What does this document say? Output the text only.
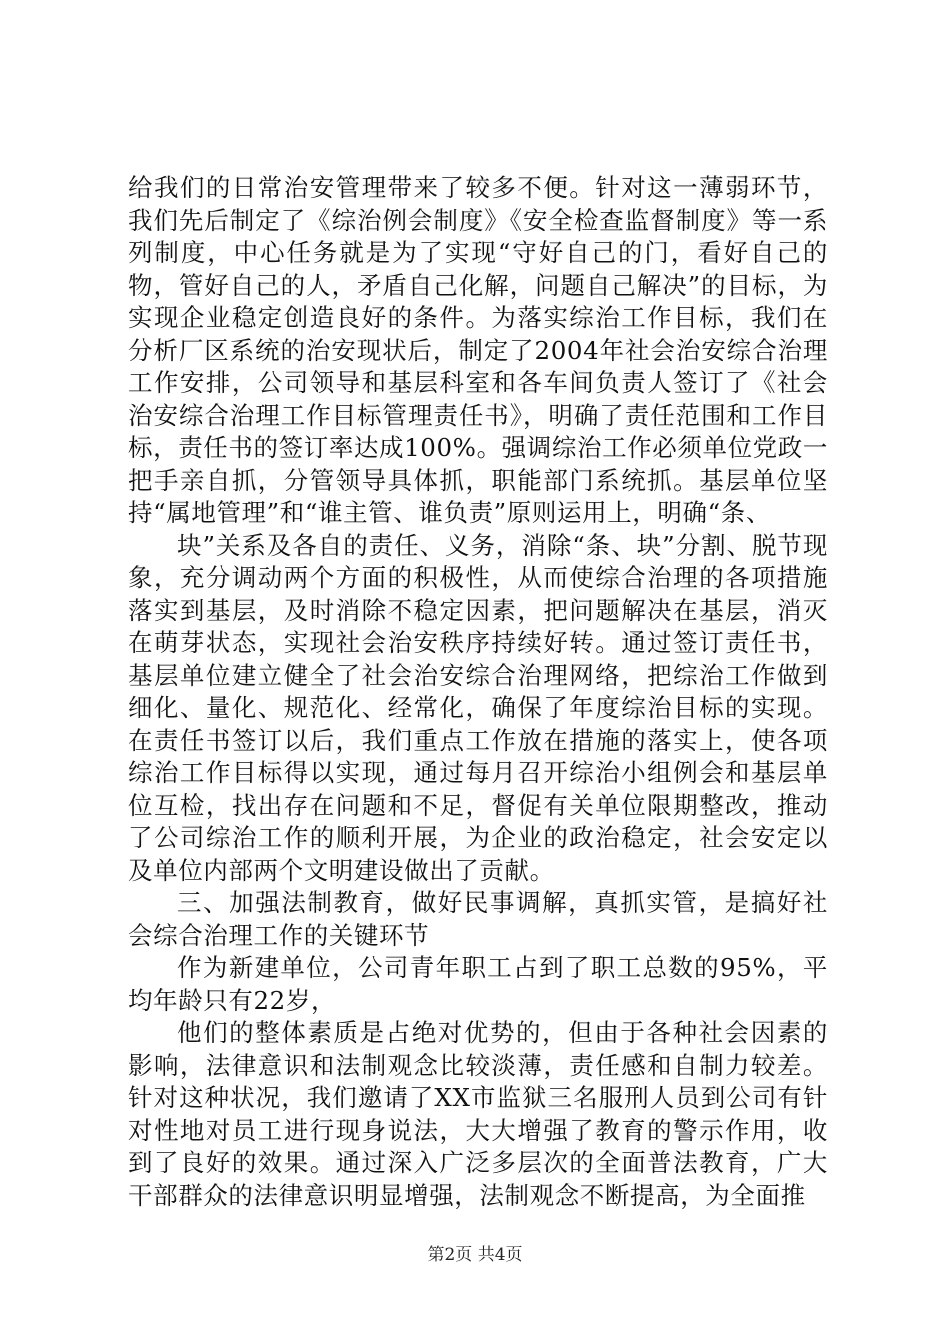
给我们的日常治安管理带来了较多不便。针对这一薄弱环节，我们先后制定了《综治例会制度》《安全检查监督制度》等一系列制度，中心任务就是为了实现“守好自己的门，看好自己的物，管好自己的人，矛盾自己化解，问题自己解决”的目标，为实现企业稳定创造良好的条件。为落实综治工作目标，我们在分析厂区系统的治安现状后，制定了2004年社会治安综合治理工作安排，公司领导和基层科室和各车间负责人签订了《社会治安综合治理工作目标管理责任书》，明确了责任范围和工作目标，责任书的签订率达成100%。强调综治工作必须单位党政一把手亲自抓，分管领导具体抓，职能部门系统抓。基层单位坚持“属地管理”和“谁主管、谁负责”原则运用上，明确“条、

块”关系及各自的责任、义务，消除“条、块”分割、脱节现象，充分调动两个方面的积极性，从而使综合治理的各项措施落实到基层，及时消除不稳定因素，把问题解决在基层，消灭在萌芽状态，实现社会治安秩序持续好转。通过签订责任书，基层单位建立健全了社会治安综合治理网络，把综治工作做到细化、量化、规范化、经常化，确保了年度综治目标的实现。在责任书签订以后，我们重点工作放在措施的落实上，使各项综治工作目标得以实现，通过每月召开综治小组例会和基层单位互检，找出存在问题和不足，督促有关单位限期整改，推动了公司综治工作的顺利开展，为企业的政治稳定，社会安定以及单位内部两个文明建设做出了贡献。

三、加强法制教育，做好民事调解，真抓实管，是搞好社会综合治理工作的关键环节

作为新建单位，公司青年职工占到了职工总数的95%，平均年龄只有22岁，

他们的整体素质是占绝对优势的，但由于各种社会因素的影响，法律意识和法制观念比较淡薄，责任感和自制力较差。针对这种状况，我们邀请了XX市监狱三名服刑人员到公司有针对性地对员工进行现身说法，大大增强了教育的警示作用，收到了良好的效果。通过深入广泛多层次的全面普法教育，广大干部群众的法律意识明显增强，法制观念不断提高，为全面推

第2页 共4页
